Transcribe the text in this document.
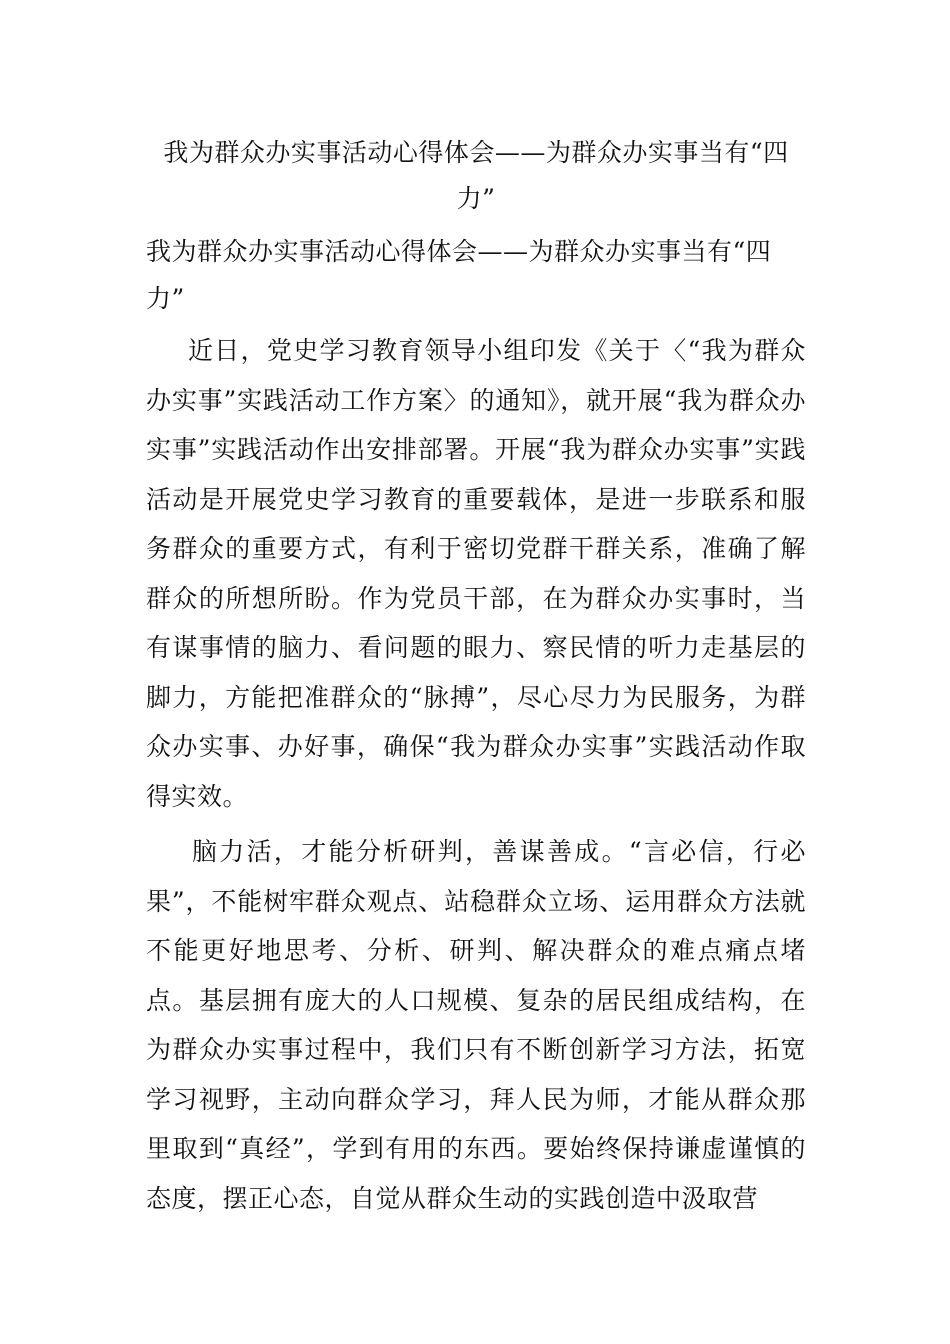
我为群众办实事活动心得体会——为群众办实事当有“四力”

我为群众办实事活动心得体会——为群众办实事当有“四力”

近日，党史学习教育领导小组印发《关于〈“我为群众办实事”实践活动工作方案〉的通知》，就开展“我为群众办实事”实践活动作出安排部署。开展“我为群众办实事”实践活动是开展党史学习教育的重要载体，是进一步联系和服务群众的重要方式，有利于密切党群干群关系，准确了解群众的所想所盼。作为党员干部，在为群众办实事时，当有谋事情的脑力、看问题的眼力、察民情的听力走基层的脚力，方能把准群众的“脉搏”，尽心尽力为民服务，为群众办实事、办好事，确保“我为群众办实事”实践活动作取得实效。

脑力活，才能分析研判，善谋善成。“言必信，行必果”，不能树牢群众观点、站稳群众立场、运用群众方法就不能更好地思考、分析、研判、解决群众的难点痛点堵点。基层拥有庞大的人口规模、复杂的居民组成结构，在为群众办实事过程中，我们只有不断创新学习方法，拓宽学习视野，主动向群众学习，拜人民为师，才能从群众那里取到“真经”，学到有用的东西。要始终保持谦虚谨慎的态度，摆正心态，自觉从群众生动的实践创造中汲取营
